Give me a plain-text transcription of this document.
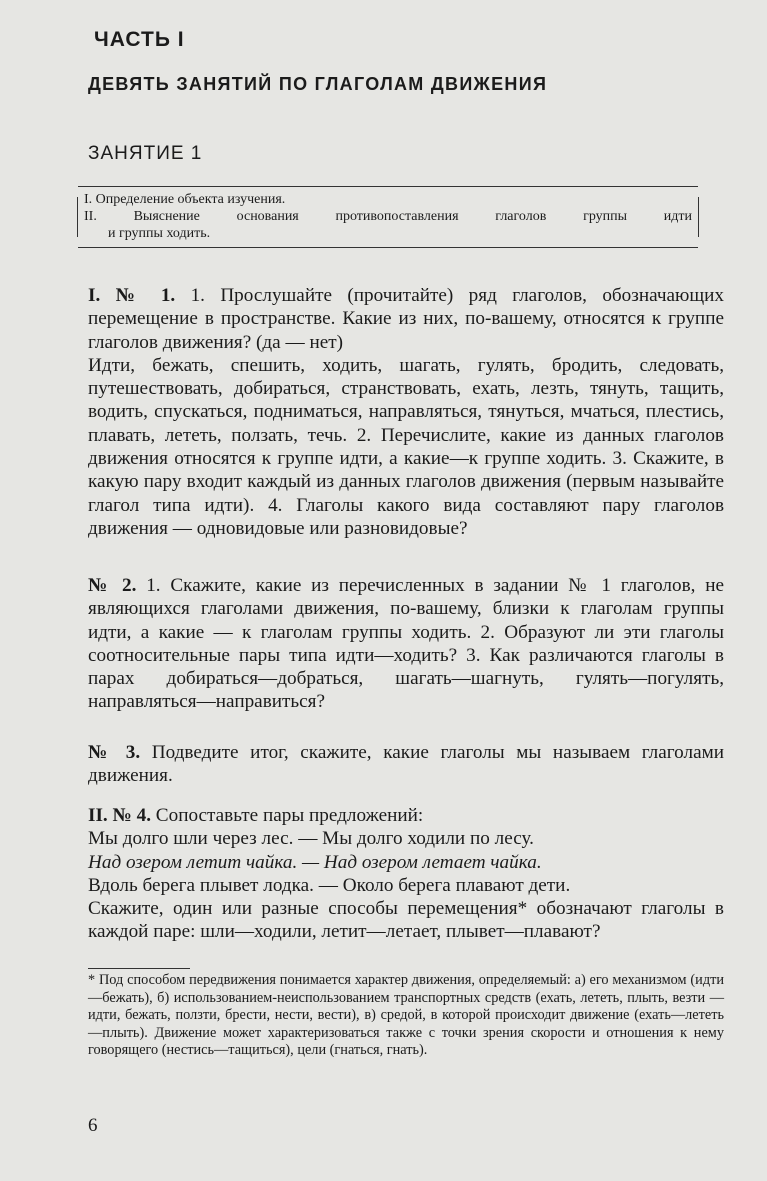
ЧАСТЬ I
ДЕВЯТЬ ЗАНЯТИЙ ПО ГЛАГОЛАМ ДВИЖЕНИЯ
ЗАНЯТИЕ 1
I. Определение объекта изучения.
II. Выяснение основания противопоставления глаголов группы идти
и группы ходить.

I. № 1. 1. Прослушайте (прочитайте) ряд глаголов, обозначающих перемещение в пространстве. Какие из них, по-вашему, относятся к группе глаголов движения? (да — нет)

Идти, бежать, спешить, ходить, шагать, гулять, бродить, следовать, путешествовать, добираться, странствовать, ехать, лезть, тянуть, тащить, водить, спускаться, подниматься, направляться, тянуться, мчаться, плестись, плавать, лететь, ползать, течь. 2. Перечислите, какие из данных глаголов движения относятся к группе идти, а какие—к группе ходить. 3. Скажите, в какую пару входит каждый из данных глаголов движения (первым называйте глагол типа идти). 4. Глаголы какого вида составляют пару глаголов движения — одновидовые или разновидовые?

№ 2. 1. Скажите, какие из перечисленных в задании № 1 глаголов, не являющихся глаголами движения, по-вашему, близки к глаголам группы идти, а какие — к глаголам группы ходить. 2. Образуют ли эти глаголы соотносительные пары типа идти—ходить? 3. Как различаются глаголы в парах добираться—добраться, шагать—шагнуть, гулять—погулять, направляться—направиться?

№ 3. Подведите итог, скажите, какие глаголы мы называем глаголами движения.

II. № 4. Сопоставьте пары предложений:
Мы долго шли через лес. — Мы долго ходили по лесу.
Над озером летит чайка. — Над озером летает чайка.
Вдоль берега плывет лодка. — Около берега плавают дети.
Скажите, один или разные способы перемещения* обозначают глаголы в каждой паре: шли—ходили, летит—летает, плывет—плавают?

* Под способом передвижения понимается характер движения, определяемый: а) его механизмом (идти—бежать), б) использованием-неиспользованием транспортных средств (ехать, лететь, плыть, везти — идти, бежать, ползти, брести, нести, вести), в) средой, в которой происходит движение (ехать—лететь—плыть). Движение может характеризоваться также с точки зрения скорости и отношения к нему говорящего (нестись—тащиться), цели (гнаться, гнать).

6
